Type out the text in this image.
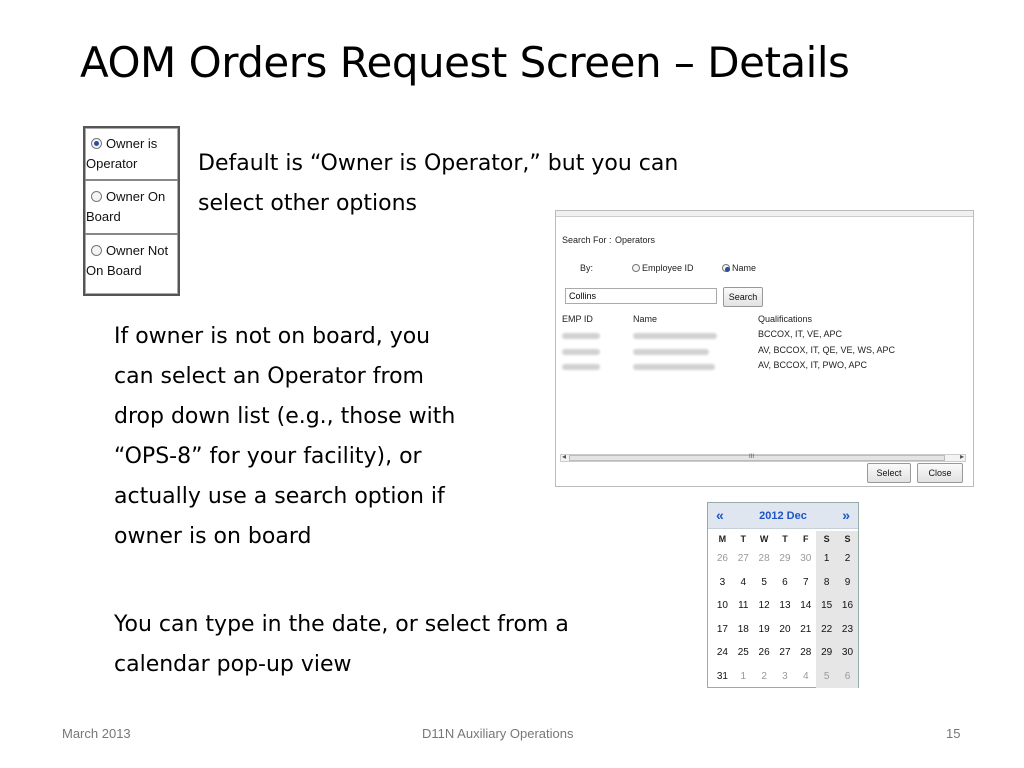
AOM Orders Request Screen – Details
Owner is
Operator
Owner On
Board
Owner Not
On Board
Default is “Owner is Operator,” but you can
select other options
If owner is not on board, you
can select an Operator from
drop down list (e.g., those with
“OPS-8” for your facility), or
actually use a search option if
owner is on board
You can type in the date, or select from a
calendar pop-up view
Search For : Operators
By:	Employee ID	Name
Collins	Search
EMP ID	Name	Qualifications
BCCOX, IT, VE, APC
AV, BCCOX, IT, QE, VE, WS, APC
AV, BCCOX, IT, PWO, APC
◂	III	▸
Select	Close
2012 Dec
«	»
M	T	W	T	F	S	S
26 27 28 29 30	1	2
3	4	5	6	7	8	9
10	11	12 13 14 15 16
17 18 19 20 21 22 23
24 25 26 27 28 29 30
31	1	2	3	4	5	6
March 2013	D11N Auxiliary Operations	15
